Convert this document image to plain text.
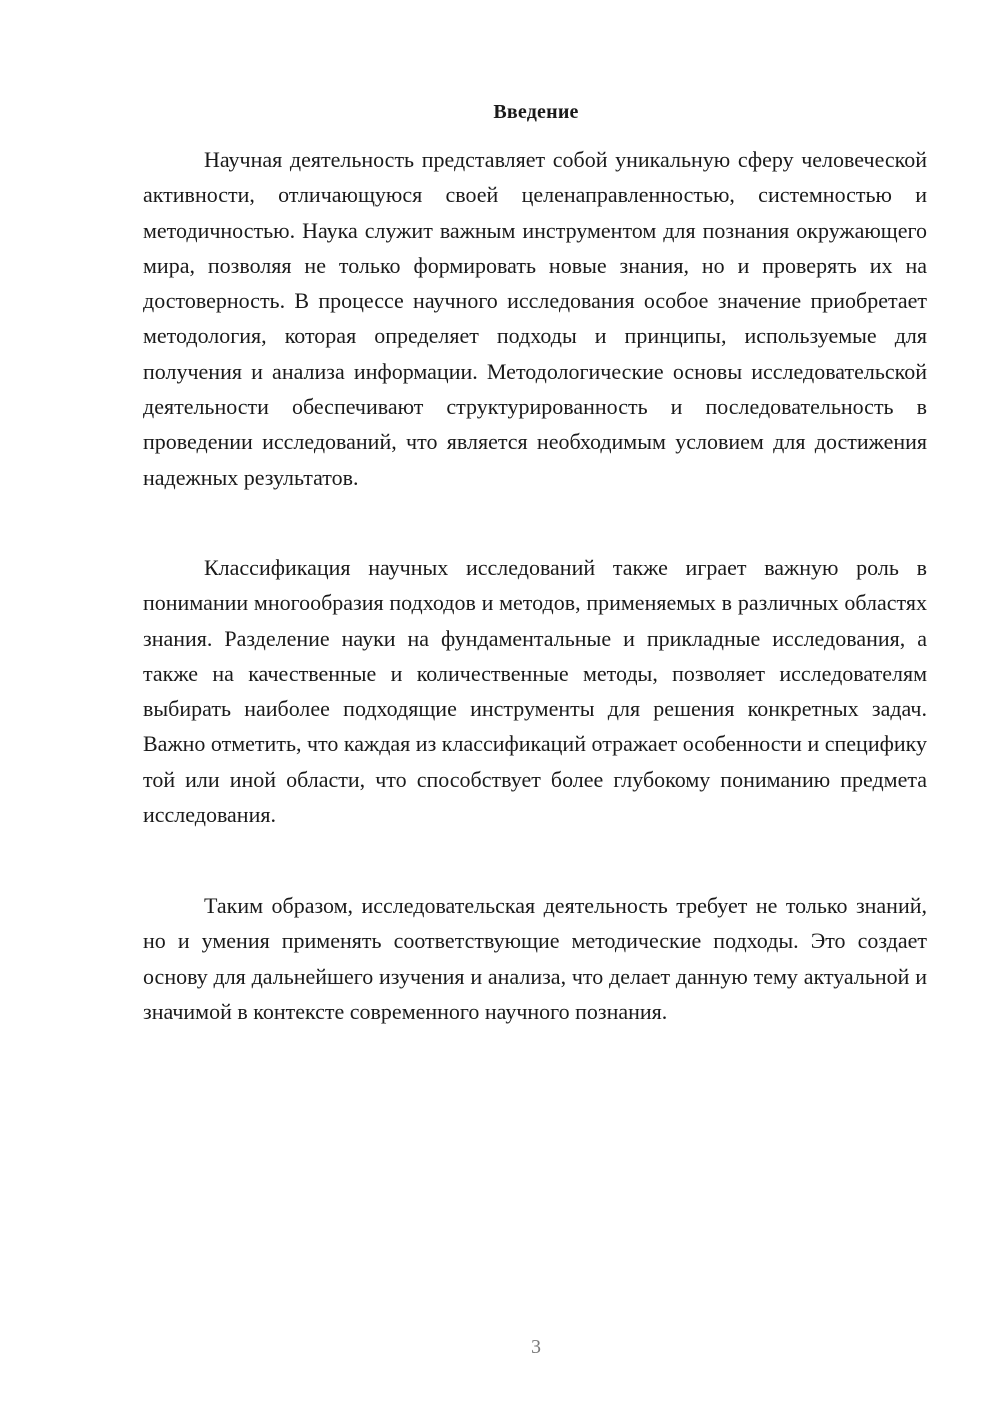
Введение

Научная деятельность представляет собой уникальную сферу человеческой активности, отличающуюся своей целенаправленностью, системностью и методичностью. Наука служит важным инструментом для познания окружающего мира, позволяя не только формировать новые знания, но и проверять их на достоверность. В процессе научного исследования особое значение приобретает методология, которая определяет подходы и принципы, используемые для получения и анализа информации. Методологические основы исследовательской деятельности обеспечивают структурированность и последовательность в проведении исследований, что является необходимым условием для достижения надежных результатов.

Классификация научных исследований также играет важную роль в понимании многообразия подходов и методов, применяемых в различных областях знания. Разделение науки на фундаментальные и прикладные исследования, а также на качественные и количественные методы, позволяет исследователям выбирать наиболее подходящие инструменты для решения конкретных задач. Важно отметить, что каждая из классификаций отражает особенности и специфику той или иной области, что способствует более глубокому пониманию предмета исследования.

Таким образом, исследовательская деятельность требует не только знаний, но и умения применять соответствующие методические подходы. Это создает основу для дальнейшего изучения и анализа, что делает данную тему актуальной и значимой в контексте современного научного познания.

3
